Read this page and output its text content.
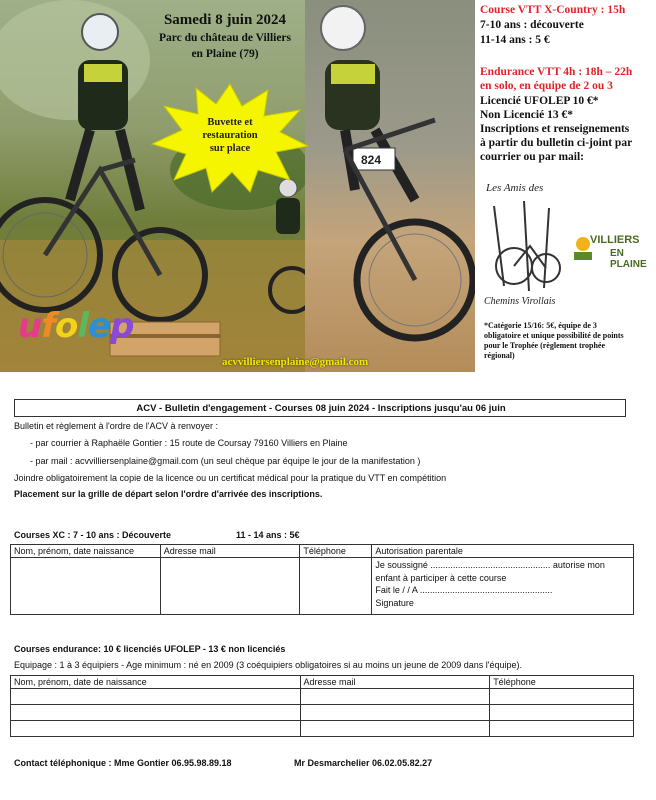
824
Samedi 8 juin 2024
Parc du château de Villiers
en Plaine (79)
Buvette et
restauration
sur place
ufolep
acvvilliersenplaine@gmail.com
Course VTT X-Country : 15h
7-10 ans : découverte
11-14 ans : 5 €
Endurance VTT 4h : 18h – 22h
en solo, en équipe de 2 ou 3
Licencié UFOLEP 10 €*
Non Licencié 13 €*
Inscriptions et renseignements
à partir du bulletin ci-joint par
courrier ou par mail:
Les Amis des
Chemins Virollais
VILLIERS
EN PLAINE
*Catégorie 15/16: 5€, équipe de 3
obligatoire et unique possibilité de points
pour le Trophée (règlement trophée
régional)
ACV - Bulletin d'engagement - Courses 08 juin 2024 - Inscriptions jusqu'au 06 juin
Bulletin et règlement à l'ordre de l'ACV à renvoyer :
- par courrier à Raphaële Gontier : 15 route de Coursay 79160 Villiers en Plaine
- par mail : acvvilliersenplaine@gmail.com (un seul chèque par équipe le jour de la manifestation )
Joindre obligatoirement la copie de la licence ou un certificat médical pour la pratique du VTT en compétition
Placement sur la grille de départ selon l'ordre d'arrivée des inscriptions.
Courses XC : 7 - 10 ans : Découverte	11 - 14 ans : 5€
Nom, prénom, date naissance	Adresse mail	Téléphone	Autorisation parentale

			Je soussigné ................................................ autorise mon
enfant à participer à cette course
Fait le / / A .....................................................
Signature
Courses endurance: 10 € licenciés UFOLEP - 13 € non licenciés
Equipage : 1 à 3 équipiers - Age minimum : né en 2009 (3 coéquipiers obligatoires si au moins un jeune de 2009 dans l'équipe).
Nom, prénom, date de naissance	Adresse mail	Téléphone

Contact téléphonique : Mme Gontier 06.95.98.89.18	Mr Desmarchelier 06.02.05.82.27
